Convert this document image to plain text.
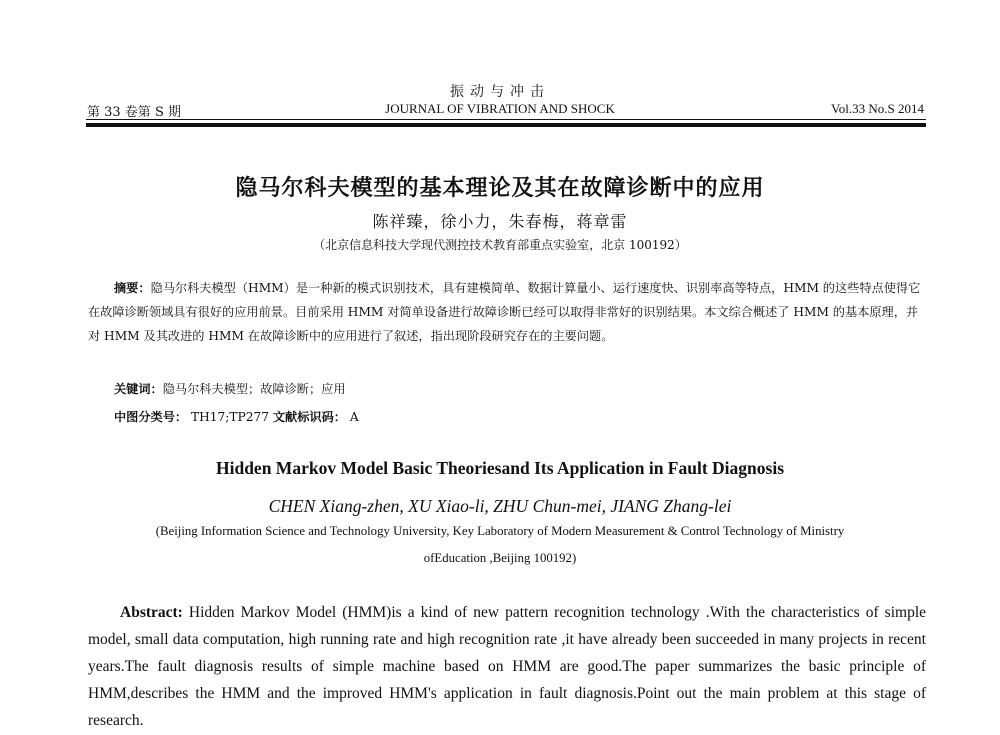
振动与冲击
第 33 卷第 S 期	JOURNAL OF VIBRATION AND SHOCK	Vol.33 No.S 2014
隐马尔科夫模型的基本理论及其在故障诊断中的应用
陈祥臻，徐小力，朱春梅，蒋章雷
（北京信息科技大学现代测控技术教育部重点实验室，北京 100192）
摘要：隐马尔科夫模型（HMM）是一种新的模式识别技术，具有建模简单、数据计算量小、运行速度快、识别率高等特点，HMM 的这些特点使得它在故障诊断领域具有很好的应用前景。目前采用 HMM 对简单设备进行故障诊断已经可以取得非常好的识别结果。本文综合概述了 HMM 的基本原理，并对 HMM 及其改进的 HMM 在故障诊断中的应用进行了叙述，指出现阶段研究存在的主要问题。
关键词：隐马尔科夫模型；故障诊断；应用
中图分类号： TH17;TP277 文献标识码： A
Hidden Markov Model Basic Theoriesand Its Application in Fault Diagnosis
CHEN Xiang-zhen, XU Xiao-li, ZHU Chun-mei, JIANG Zhang-lei
(Beijing Information Science and Technology University, Key Laboratory of Modern Measurement & Control Technology of Ministry
ofEducation ,Beijing 100192)
Abstract: Hidden Markov Model (HMM)is a kind of new pattern recognition technology .With the characteristics of simple model, small data computation, high running rate and high recognition rate ,it have already been succeeded in many projects in recent years.The fault diagnosis results of simple machine based on HMM are good.The paper summarizes the basic principle of HMM,describes the HMM and the improved HMM's application in fault diagnosis.Point out the main problem at this stage of research.
